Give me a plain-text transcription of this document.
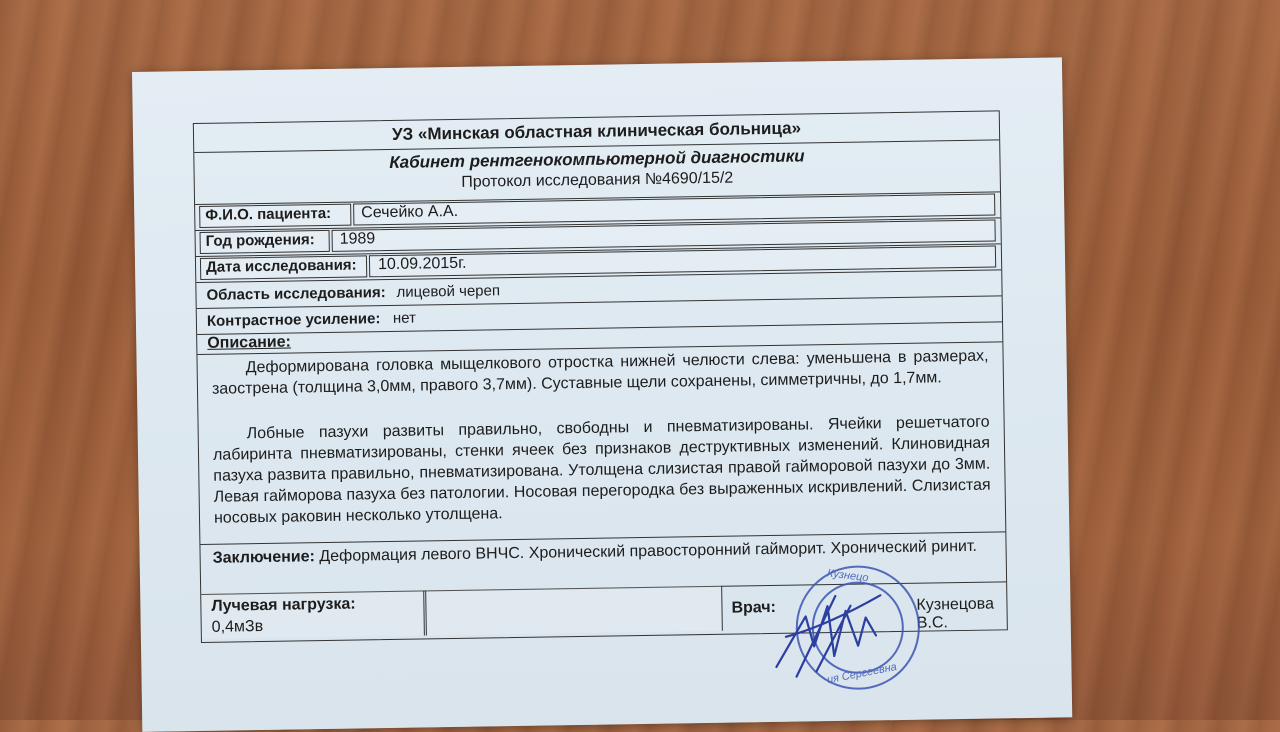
УЗ «Минская областная клиническая больница»
Кабинет рентгенокомпьютерной диагностики
Протокол исследования №4690/15/2
Ф.И.О. пациента: Сечейко А.А.
Год рождения: 1989
Дата исследования: 10.09.2015г.
Область исследования: лицевой череп
Контрастное усиление: нет
Описание:
Деформирована головка мыщелкового отростка нижней челюсти слева: уменьшена в размерах, заострена (толщина 3,0мм, правого 3,7мм). Суставные щели сохранены, симметричны, до 1,7мм.
Лобные пазухи развиты правильно, свободны и пневматизированы. Ячейки решетчатого лабиринта пневматизированы, стенки ячеек без признаков деструктивных изменений. Клиновидная пазуха развита правильно, пневматизирована. Утолщена слизистая правой гайморовой пазухи до 3мм. Левая гайморова пазуха без патологии. Носовая перегородка без выраженных искривлений. Слизистая носовых раковин несколько утолщена.
Заключение: Деформация левого ВНЧС. Хронический правосторонний гайморит. Хронический ринит.
Лучевая нагрузка:
0,4мЗв
Врач:	Кузнецова В.С.
Кузнецо
ия Сергеевна
